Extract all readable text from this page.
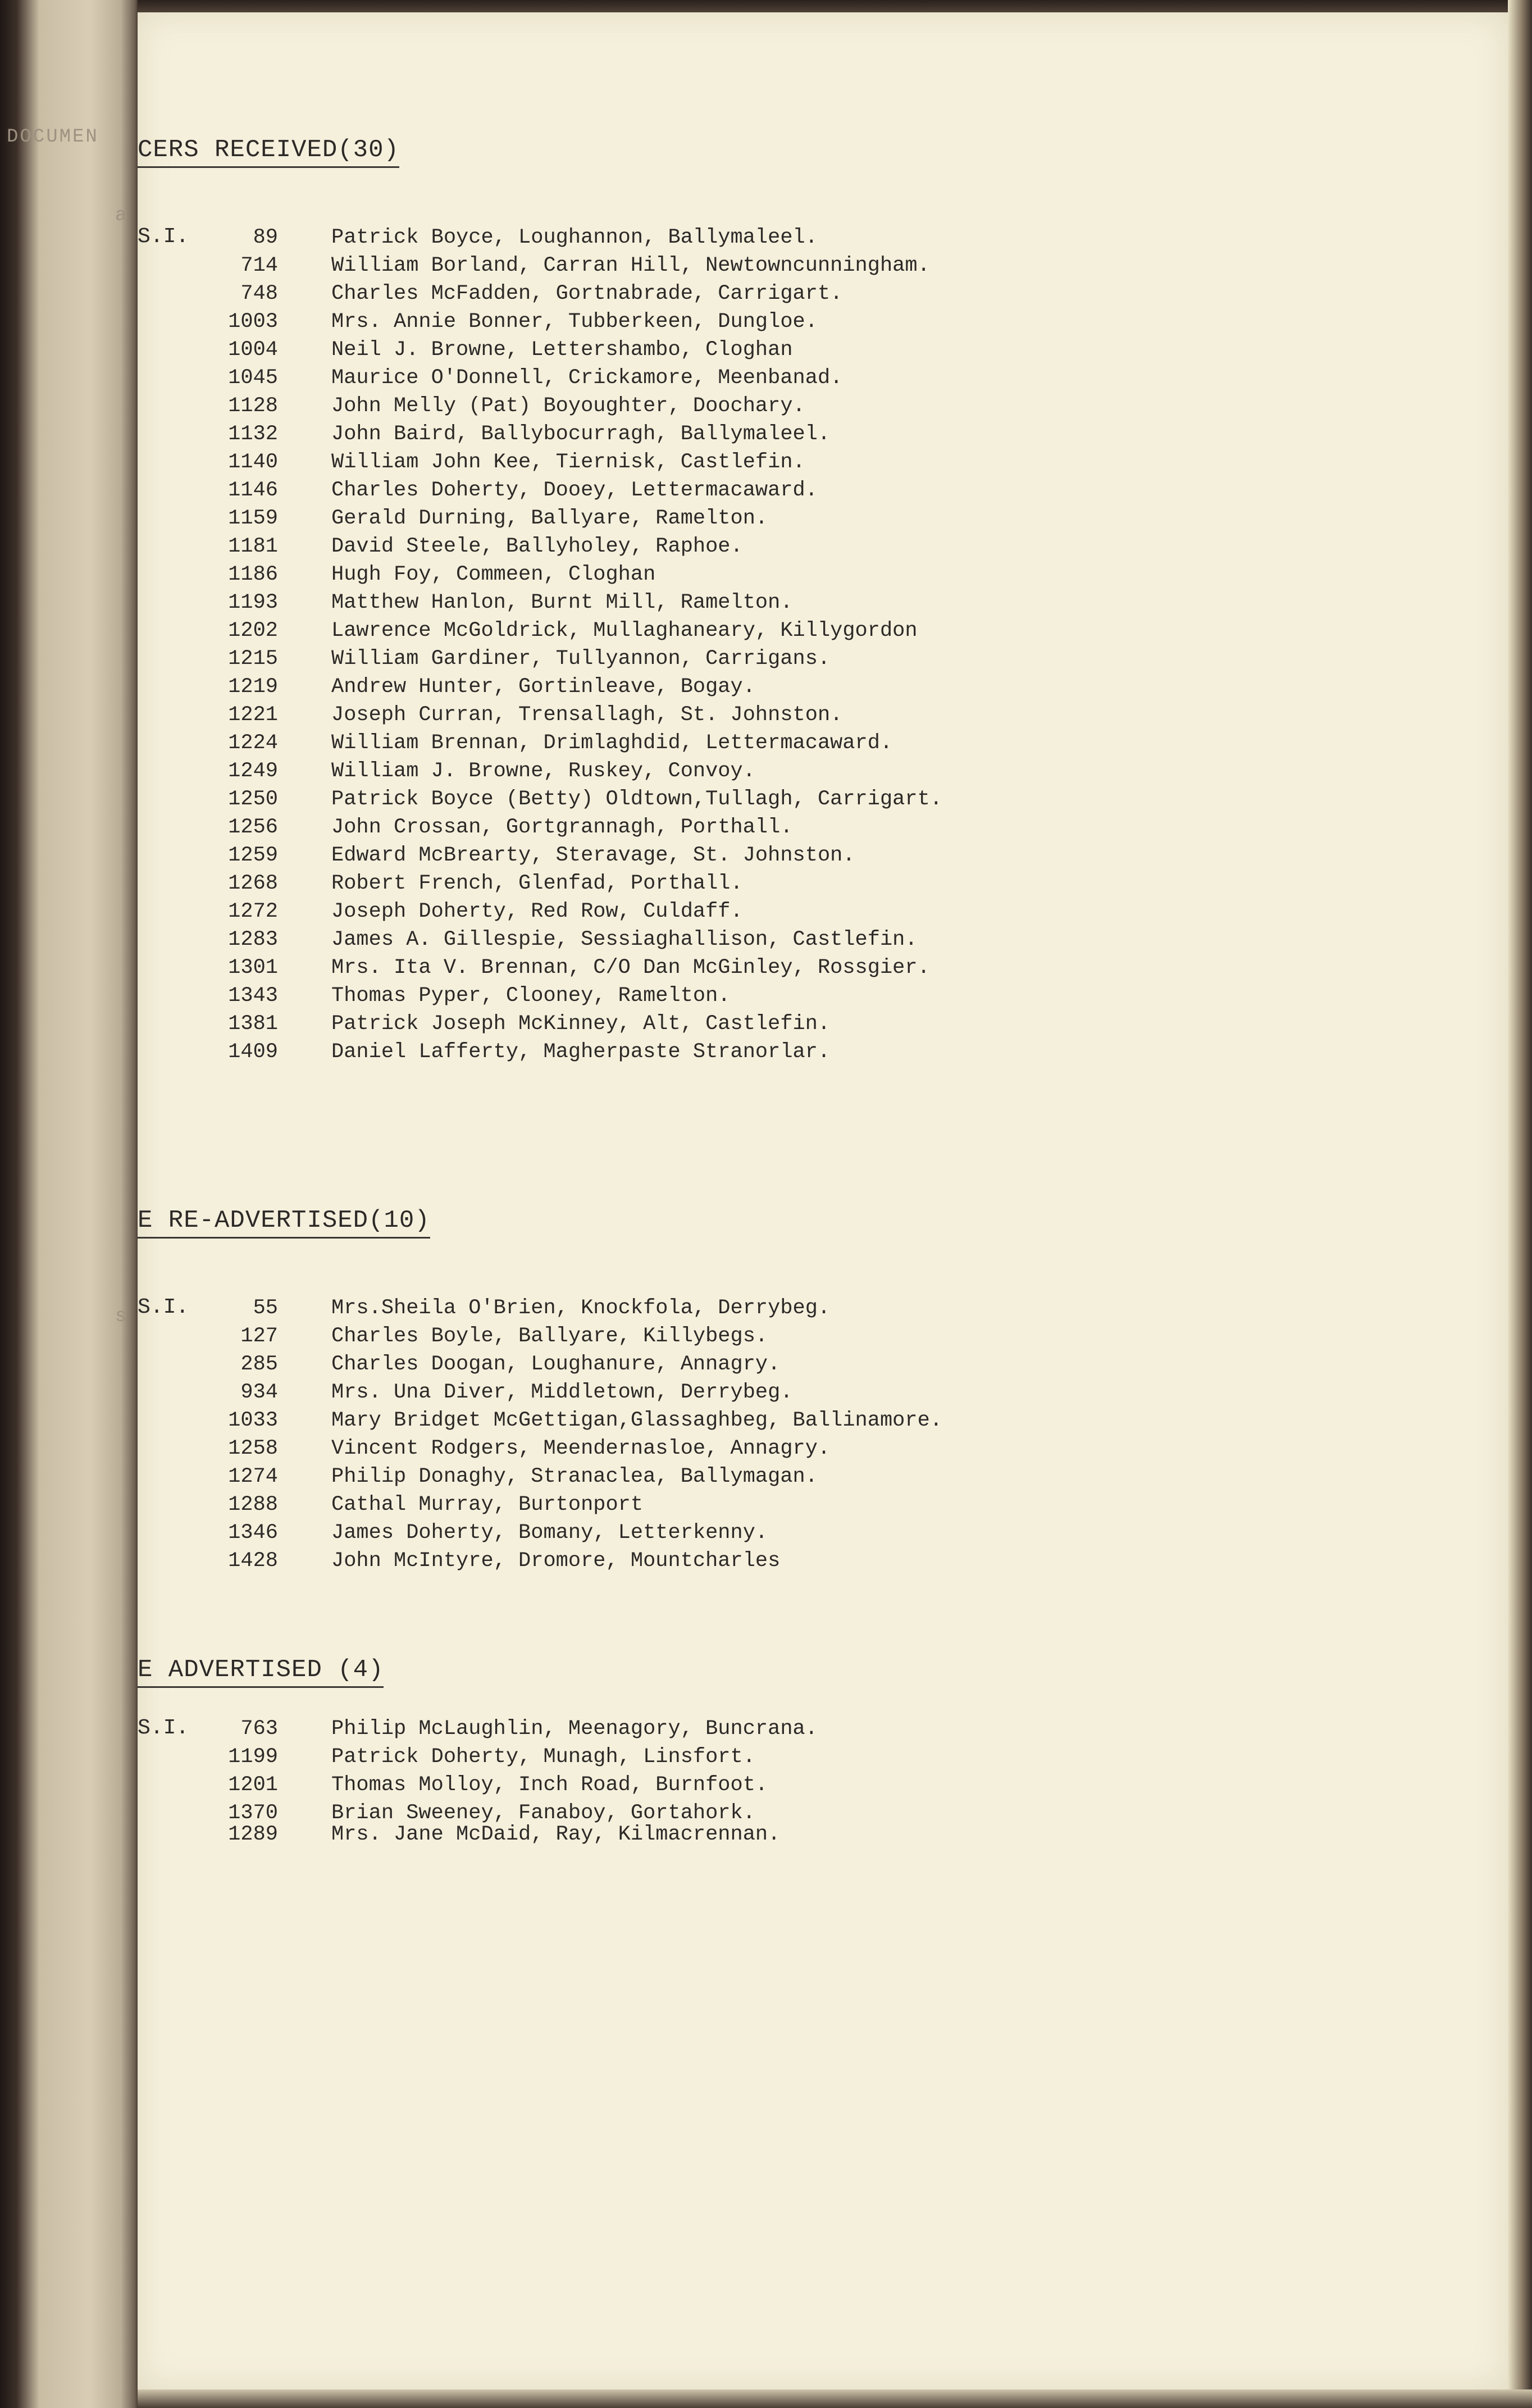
DOCUMEN
a
s
CERS RECEIVED(30)
S.I.	89	Patrick Boyce, Loughannon, Ballymaleel.
714	William Borland, Carran Hill, Newtowncunningham.
748	Charles McFadden, Gortnabrade, Carrigart.
1003	Mrs. Annie Bonner, Tubberkeen, Dungloe.
1004	Neil J. Browne, Lettershambo, Cloghan
1045	Maurice O'Donnell, Crickamore, Meenbanad.
1128	John Melly (Pat) Boyoughter, Doochary.
1132	John Baird, Ballybocurragh, Ballymaleel.
1140	William John Kee, Tiernisk, Castlefin.
1146	Charles Doherty, Dooey, Lettermacaward.
1159	Gerald Durning, Ballyare, Ramelton.
1181	David Steele, Ballyholey, Raphoe.
1186	Hugh Foy, Commeen, Cloghan
1193	Matthew Hanlon, Burnt Mill, Ramelton.
1202	Lawrence McGoldrick, Mullaghaneary, Killygordon
1215	William Gardiner, Tullyannon, Carrigans.
1219	Andrew Hunter, Gortinleave, Bogay.
1221	Joseph Curran, Trensallagh, St. Johnston.
1224	William Brennan, Drimlaghdid, Lettermacaward.
1249	William J. Browne, Ruskey, Convoy.
1250	Patrick Boyce (Betty) Oldtown,Tullagh, Carrigart.
1256	John Crossan, Gortgrannagh, Porthall.
1259	Edward McBrearty, Steravage, St. Johnston.
1268	Robert French, Glenfad, Porthall.
1272	Joseph Doherty, Red Row, Culdaff.
1283	James A. Gillespie, Sessiaghallison, Castlefin.
1301	Mrs. Ita V. Brennan, C/O Dan McGinley, Rossgier.
1343	Thomas Pyper, Clooney, Ramelton.
1381	Patrick Joseph McKinney, Alt, Castlefin.
1409	Daniel Lafferty, Magherpaste Stranorlar.
E RE-ADVERTISED(10)
S.I.	55	Mrs.Sheila O'Brien, Knockfola, Derrybeg.
127	Charles Boyle, Ballyare, Killybegs.
285	Charles Doogan, Loughanure, Annagry.
934	Mrs. Una Diver, Middletown, Derrybeg.
1033	Mary Bridget McGettigan,Glassaghbeg, Ballinamore.
1258	Vincent Rodgers, Meendernasloe, Annagry.
1274	Philip Donaghy, Stranaclea, Ballymagan.
1288	Cathal Murray, Burtonport
1346	James Doherty, Bomany, Letterkenny.
1428	John McIntyre, Dromore, Mountcharles
E ADVERTISED (4)
S.I. 763	Philip McLaughlin, Meenagory, Buncrana.
1199	Patrick Doherty, Munagh, Linsfort.
1201	Thomas Molloy, Inch Road, Burnfoot.
1370	Brian Sweeney, Fanaboy, Gortahork.
1289	Mrs. Jane McDaid, Ray, Kilmacrennan.
